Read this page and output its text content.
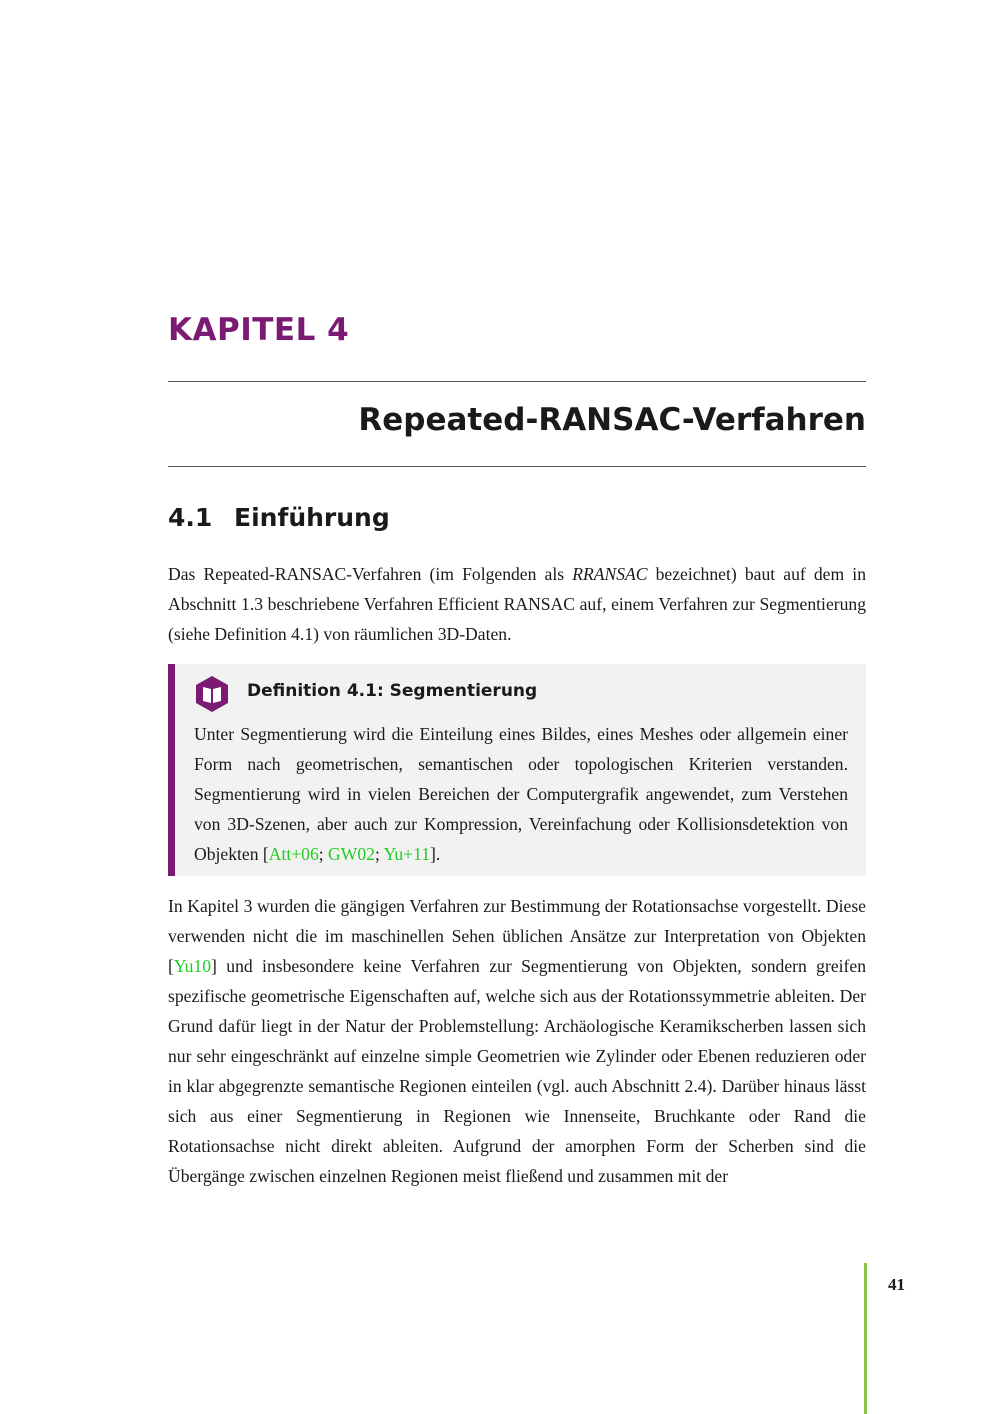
KAPITEL 4
Repeated-RANSAC-Verfahren
4.1 Einführung

Das Repeated-RANSAC-Verfahren (im Folgenden als RRANSAC bezeichnet) baut auf dem in Abschnitt 1.3 beschriebene Verfahren Efficient RANSAC auf, einem Verfahren zur Segmentierung (siehe Definition 4.1) von räumlichen 3D-Daten.

Definition 4.1: Segmentierung

Unter Segmentierung wird die Einteilung eines Bildes, eines Meshes oder allgemein einer Form nach geometrischen, semantischen oder topologischen Kriterien verstanden. Segmentierung wird in vielen Bereichen der Computergrafik angewendet, zum Verstehen von 3D-Szenen, aber auch zur Kompression, Vereinfachung oder Kollisionsdetektion von Objekten [Att+06; GW02; Yu+11].

In Kapitel 3 wurden die gängigen Verfahren zur Bestimmung der Rotationsachse vorgestellt. Diese verwenden nicht die im maschinellen Sehen üblichen Ansätze zur Interpretation von Objekten [Yu10] und insbesondere keine Verfahren zur Segmentierung von Objekten, sondern greifen spezifische geometrische Eigenschaften auf, welche sich aus der Rotationssymmetrie ableiten. Der Grund dafür liegt in der Natur der Problemstellung: Archäologische Keramikscherben lassen sich nur sehr eingeschränkt auf einzelne simple Geometrien wie Zylinder oder Ebenen reduzieren oder in klar abgegrenzte semantische Regionen einteilen (vgl. auch Abschnitt 2.4). Darüber hinaus lässt sich aus einer Segmentierung in Regionen wie Innenseite, Bruchkante oder Rand die Rotationsachse nicht direkt ableiten. Aufgrund der amorphen Form der Scherben sind die Übergänge zwischen einzelnen Regionen meist fließend und zusammen mit der

41
